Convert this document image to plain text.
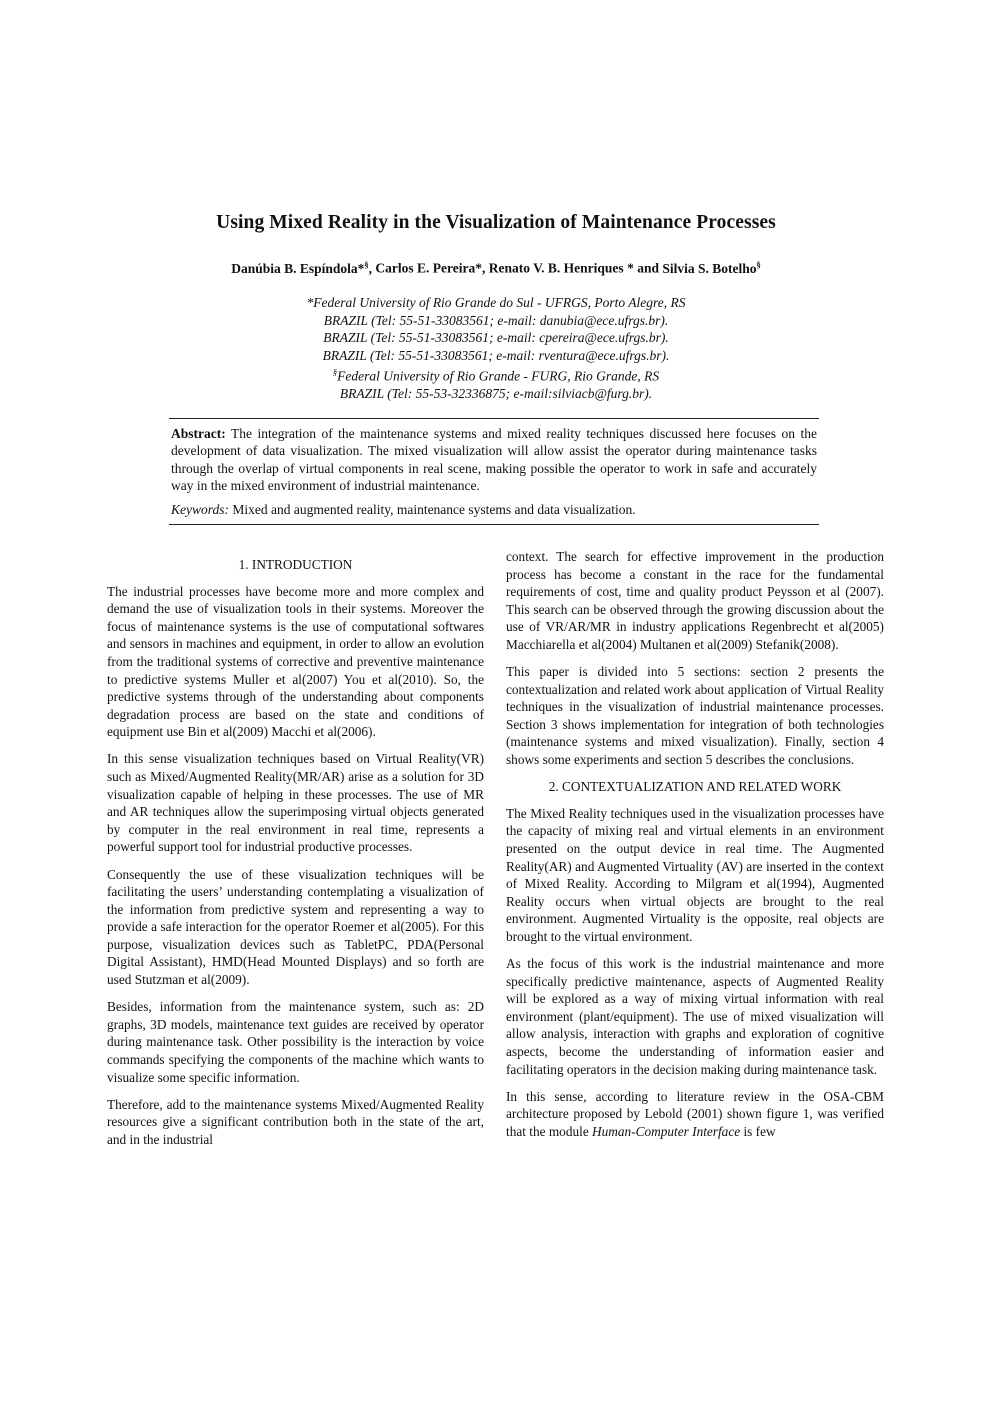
Using Mixed Reality in the Visualization of Maintenance Processes
Danúbia B. Espíndola*§, Carlos E. Pereira*, Renato V. B. Henriques * and Silvia S. Botelho§
*Federal University of Rio Grande do Sul - UFRGS, Porto Alegre, RS
BRAZIL (Tel: 55-51-33083561; e-mail: danubia@ece.ufrgs.br).
BRAZIL (Tel: 55-51-33083561; e-mail: cpereira@ece.ufrgs.br).
BRAZIL (Tel: 55-51-33083561; e-mail: rventura@ece.ufrgs.br).
§Federal University of Rio Grande - FURG, Rio Grande, RS
BRAZIL (Tel: 55-53-32336875; e-mail:silviacb@furg.br).
Abstract: The integration of the maintenance systems and mixed reality techniques discussed here focuses on the development of data visualization. The mixed visualization will allow assist the operator during maintenance tasks through the overlap of virtual components in real scene, making possible the operator to work in safe and accurately way in the mixed environment of industrial maintenance.
Keywords: Mixed and augmented reality, maintenance systems and data visualization.
1. INTRODUCTION

The industrial processes have become more and more complex and demand the use of visualization tools in their systems. Moreover the focus of maintenance systems is the use of computational softwares and sensors in machines and equipment, in order to allow an evolution from the traditional systems of corrective and preventive maintenance to predictive systems Muller et al(2007) You et al(2010). So, the predictive systems through of the understanding about components degradation process are based on the state and conditions of equipment use Bin et al(2009) Macchi et al(2006).

In this sense visualization techniques based on Virtual Reality(VR) such as Mixed/Augmented Reality(MR/AR) arise as a solution for 3D visualization capable of helping in these processes. The use of MR and AR techniques allow the superimposing virtual objects generated by computer in the real environment in real time, represents a powerful support tool for industrial productive processes.

Consequently the use of these visualization techniques will be facilitating the users’ understanding contemplating a visualization of the information from predictive system and representing a way to provide a safe interaction for the operator Roemer et al(2005). For this purpose, visualization devices such as TabletPC, PDA(Personal Digital Assistant), HMD(Head Mounted Displays) and so forth are used Stutzman et al(2009).

Besides, information from the maintenance system, such as: 2D graphs, 3D models, maintenance text guides are received by operator during maintenance task. Other possibility is the interaction by voice commands specifying the components of the machine which wants to visualize some specific information.

Therefore, add to the maintenance systems Mixed/Augmented Reality resources give a significant contribution both in the state of the art, and in the industrial

context. The search for effective improvement in the production process has become a constant in the race for the fundamental requirements of cost, time and quality product Peysson et al (2007). This search can be observed through the growing discussion about the use of VR/AR/MR in industry applications Regenbrecht et al(2005) Macchiarella et al(2004) Multanen et al(2009) Stefanik(2008).

This paper is divided into 5 sections: section 2 presents the contextualization and related work about application of Virtual Reality techniques in the visualization of industrial maintenance processes. Section 3 shows implementation for integration of both technologies (maintenance systems and mixed visualization). Finally, section 4 shows some experiments and section 5 describes the conclusions.

2. CONTEXTUALIZATION AND RELATED WORK

The Mixed Reality techniques used in the visualization processes have the capacity of mixing real and virtual elements in an environment presented on the output device in real time. The Augmented Reality(AR) and Augmented Virtuality (AV) are inserted in the context of Mixed Reality. According to Milgram et al(1994), Augmented Reality occurs when virtual objects are brought to the real environment. Augmented Virtuality is the opposite, real objects are brought to the virtual environment.

As the focus of this work is the industrial maintenance and more specifically predictive maintenance, aspects of Augmented Reality will be explored as a way of mixing virtual information with real environment (plant/equipment). The use of mixed visualization will allow analysis, interaction with graphs and exploration of cognitive aspects, become the understanding of information easier and facilitating operators in the decision making during maintenance task.

In this sense, according to literature review in the OSA-CBM architecture proposed by Lebold (2001) shown figure 1, was verified that the module Human-Computer Interface is few
